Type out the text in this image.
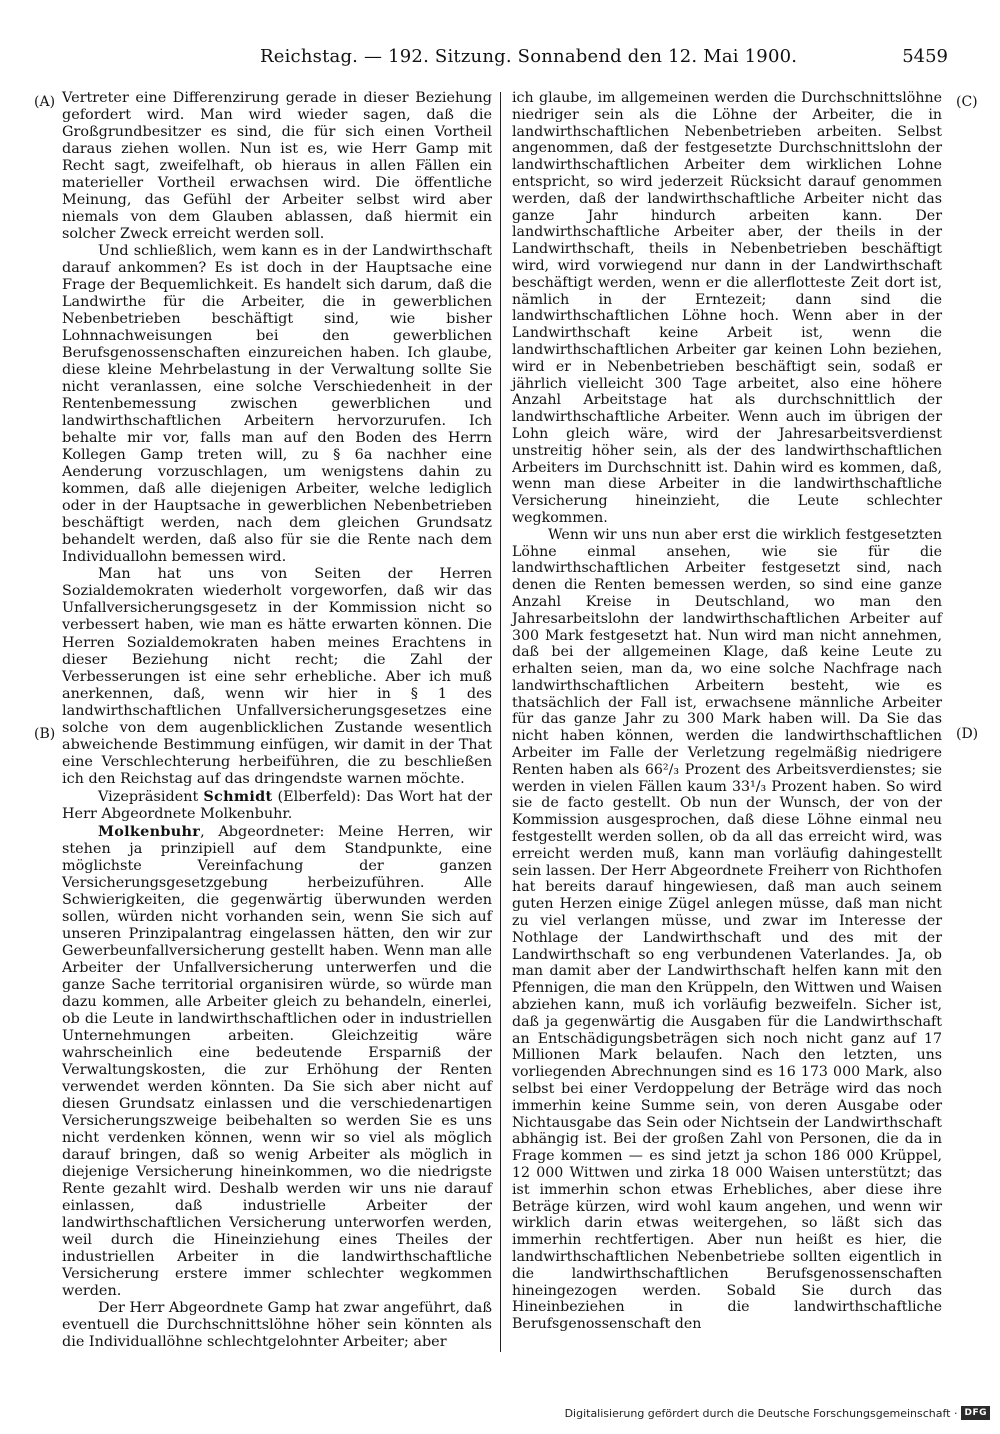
Reichstag. — 192. Sitzung. Sonnabend den 12. Mai 1900.	5459
(A)
(B)
(C)
(D)

Vertreter eine Differenzirung gerade in dieser Beziehung gefordert wird. Man wird wieder sagen, daß die Großgrundbesitzer es sind, die für sich einen Vortheil daraus ziehen wollen. Nun ist es, wie Herr Gamp mit Recht sagt, zweifelhaft, ob hieraus in allen Fällen ein materieller Vortheil erwachsen wird. Die öffentliche Meinung, das Gefühl der Arbeiter selbst wird aber niemals von dem Glauben ablassen, daß hiermit ein solcher Zweck erreicht werden soll.

Und schließlich, wem kann es in der Landwirthschaft darauf ankommen? Es ist doch in der Hauptsache eine Frage der Bequemlichkeit. Es handelt sich darum, daß die Landwirthe für die Arbeiter, die in gewerblichen Nebenbetrieben beschäftigt sind, wie bisher Lohnnachweisungen bei den gewerblichen Berufsgenossenschaften einzureichen haben. Ich glaube, diese kleine Mehrbelastung in der Verwaltung sollte Sie nicht veranlassen, eine solche Verschiedenheit in der Rentenbemessung zwischen gewerblichen und landwirthschaftlichen Arbeitern hervorzurufen. Ich behalte mir vor, falls man auf den Boden des Herrn Kollegen Gamp treten will, zu § 6a nachher eine Aenderung vorzuschlagen, um wenigstens dahin zu kommen, daß alle diejenigen Arbeiter, welche lediglich oder in der Hauptsache in gewerblichen Nebenbetrieben beschäftigt werden, nach dem gleichen Grundsatz behandelt werden, daß also für sie die Rente nach dem Individuallohn bemessen wird.

Man hat uns von Seiten der Herren Sozialdemokraten wiederholt vorgeworfen, daß wir das Unfallversicherungsgesetz in der Kommission nicht so verbessert haben, wie man es hätte erwarten können. Die Herren Sozialdemokraten haben meines Erachtens in dieser Beziehung nicht recht; die Zahl der Verbesserungen ist eine sehr erhebliche. Aber ich muß anerkennen, daß, wenn wir hier in § 1 des landwirthschaftlichen Unfallversicherungsgesetzes eine solche von dem augenblicklichen Zustande wesentlich abweichende Bestimmung einfügen, wir damit in der That eine Verschlechterung herbeiführen, die zu beschließen ich den Reichstag auf das dringendste warnen möchte.

Vizepräsident Schmidt (Elberfeld): Das Wort hat der Herr Abgeordnete Molkenbuhr.

Molkenbuhr, Abgeordneter: Meine Herren, wir stehen ja prinzipiell auf dem Standpunkte, eine möglichste Vereinfachung der ganzen Versicherungsgesetzgebung herbeizuführen. Alle Schwierigkeiten, die gegenwärtig überwunden werden sollen, würden nicht vorhanden sein, wenn Sie sich auf unseren Prinzipalantrag eingelassen hätten, den wir zur Gewerbeunfallversicherung gestellt haben. Wenn man alle Arbeiter der Unfallversicherung unterwerfen und die ganze Sache territorial organisiren würde, so würde man dazu kommen, alle Arbeiter gleich zu behandeln, einerlei, ob die Leute in landwirthschaftlichen oder in industriellen Unternehmungen arbeiten. Gleichzeitig wäre wahrscheinlich eine bedeutende Ersparniß der Verwaltungskosten, die zur Erhöhung der Renten verwendet werden könnten. Da Sie sich aber nicht auf diesen Grundsatz einlassen und die verschiedenartigen Versicherungszweige beibehalten so werden Sie es uns nicht verdenken können, wenn wir so viel als möglich darauf bringen, daß so wenig Arbeiter als möglich in diejenige Versicherung hineinkommen, wo die niedrigste Rente gezahlt wird. Deshalb werden wir uns nie darauf einlassen, daß industrielle Arbeiter der landwirthschaftlichen Versicherung unterworfen werden, weil durch die Hineinziehung eines Theiles der industriellen Arbeiter in die landwirthschaftliche Versicherung erstere immer schlechter wegkommen werden.

Der Herr Abgeordnete Gamp hat zwar angeführt, daß eventuell die Durchschnittslöhne höher sein könnten als die Individuallöhne schlechtgelohnter Arbeiter; aber

ich glaube, im allgemeinen werden die Durchschnittslöhne niedriger sein als die Löhne der Arbeiter, die in landwirthschaftlichen Nebenbetrieben arbeiten. Selbst angenommen, daß der festgesetzte Durchschnittslohn der landwirthschaftlichen Arbeiter dem wirklichen Lohne entspricht, so wird jederzeit Rücksicht darauf genommen werden, daß der landwirthschaftliche Arbeiter nicht das ganze Jahr hindurch arbeiten kann. Der landwirthschaftliche Arbeiter aber, der theils in der Landwirthschaft, theils in Nebenbetrieben beschäftigt wird, wird vorwiegend nur dann in der Landwirthschaft beschäftigt werden, wenn er die allerflotteste Zeit dort ist, nämlich in der Erntezeit; dann sind die landwirthschaftlichen Löhne hoch. Wenn aber in der Landwirthschaft keine Arbeit ist, wenn die landwirthschaftlichen Arbeiter gar keinen Lohn beziehen, wird er in Nebenbetrieben beschäftigt sein, sodaß er jährlich vielleicht 300 Tage arbeitet, also eine höhere Anzahl Arbeitstage hat als durchschnittlich der landwirthschaftliche Arbeiter. Wenn auch im übrigen der Lohn gleich wäre, wird der Jahresarbeitsverdienst unstreitig höher sein, als der des landwirthschaftlichen Arbeiters im Durchschnitt ist. Dahin wird es kommen, daß, wenn man diese Arbeiter in die landwirthschaftliche Versicherung hineinzieht, die Leute schlechter wegkommen.

Wenn wir uns nun aber erst die wirklich festgesetzten Löhne einmal ansehen, wie sie für die landwirthschaftlichen Arbeiter festgesetzt sind, nach denen die Renten bemessen werden, so sind eine ganze Anzahl Kreise in Deutschland, wo man den Jahresarbeitslohn der landwirthschaftlichen Arbeiter auf 300 Mark festgesetzt hat. Nun wird man nicht annehmen, daß bei der allgemeinen Klage, daß keine Leute zu erhalten seien, man da, wo eine solche Nachfrage nach landwirthschaftlichen Arbeitern besteht, wie es thatsächlich der Fall ist, erwachsene männliche Arbeiter für das ganze Jahr zu 300 Mark haben will. Da Sie das nicht haben können, werden die landwirthschaftlichen Arbeiter im Falle der Verletzung regelmäßig niedrigere Renten haben als 66²/₃ Prozent des Arbeitsverdienstes; sie werden in vielen Fällen kaum 33¹/₃ Prozent haben. So wird sie de facto gestellt. Ob nun der Wunsch, der von der Kommission ausgesprochen, daß diese Löhne einmal neu festgestellt werden sollen, ob da all das erreicht wird, was erreicht werden muß, kann man vorläufig dahingestellt sein lassen. Der Herr Abgeordnete Freiherr von Richthofen hat bereits darauf hingewiesen, daß man auch seinem guten Herzen einige Zügel anlegen müsse, daß man nicht zu viel verlangen müsse, und zwar im Interesse der Nothlage der Landwirthschaft und des mit der Landwirthschaft so eng verbundenen Vaterlandes. Ja, ob man damit aber der Landwirthschaft helfen kann mit den Pfennigen, die man den Krüppeln, den Wittwen und Waisen abziehen kann, muß ich vorläufig bezweifeln. Sicher ist, daß ja gegenwärtig die Ausgaben für die Landwirthschaft an Entschädigungsbeträgen sich noch nicht ganz auf 17 Millionen Mark belaufen. Nach den letzten, uns vorliegenden Abrechnungen sind es 16 173 000 Mark, also selbst bei einer Verdoppelung der Beträge wird das noch immerhin keine Summe sein, von deren Ausgabe oder Nichtausgabe das Sein oder Nichtsein der Landwirthschaft abhängig ist. Bei der großen Zahl von Personen, die da in Frage kommen — es sind jetzt ja schon 186 000 Krüppel, 12 000 Wittwen und zirka 18 000 Waisen unterstützt; das ist immerhin schon etwas Erhebliches, aber diese ihre Beträge kürzen, wird wohl kaum angehen, und wenn wir wirklich darin etwas weitergehen, so läßt sich das immerhin rechtfertigen. Aber nun heißt es hier, die landwirthschaftlichen Nebenbetriebe sollten eigentlich in die landwirthschaftlichen Berufsgenossenschaften hineingezogen werden. Sobald Sie durch das Hineinbeziehen in die landwirthschaftliche Berufsgenossenschaft den

Digitalisierung gefördert durch die Deutsche Forschungsgemeinschaft · DFG
